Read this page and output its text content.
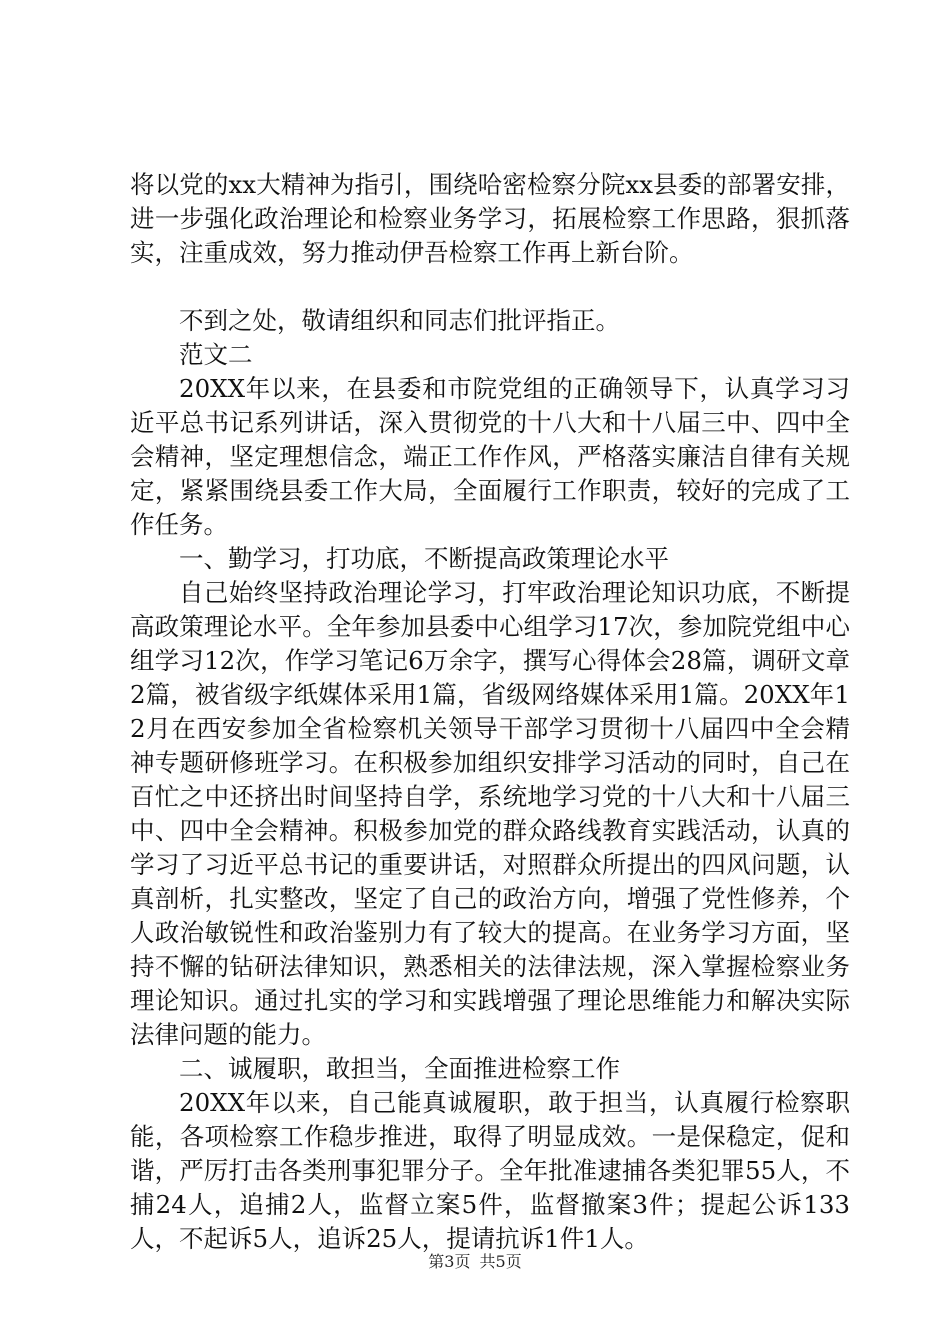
将以党的xx大精神为指引，围绕哈密检察分院xx县委的部署安排，进一步强化政治理论和检察业务学习，拓展检察工作思路，狠抓落实，注重成效，努力推动伊吾检察工作再上新台阶。

不到之处，敬请组织和同志们批评指正。

范文二

20XX年以来，在县委和市院党组的正确领导下，认真学习习近平总书记系列讲话，深入贯彻党的十八大和十八届三中、四中全会精神，坚定理想信念，端正工作作风，严格落实廉洁自律有关规定，紧紧围绕县委工作大局，全面履行工作职责，较好的完成了工作任务。

一、勤学习，打功底，不断提高政策理论水平

自己始终坚持政治理论学习，打牢政治理论知识功底，不断提高政策理论水平。全年参加县委中心组学习17次，参加院党组中心组学习12次，作学习笔记6万余字，撰写心得体会28篇，调研文章2篇，被省级字纸媒体采用1篇，省级网络媒体采用1篇。20XX年12月在西安参加全省检察机关领导干部学习贯彻十八届四中全会精神专题研修班学习。在积极参加组织安排学习活动的同时，自己在百忙之中还挤出时间坚持自学，系统地学习党的十八大和十八届三中、四中全会精神。积极参加党的群众路线教育实践活动，认真的学习了习近平总书记的重要讲话，对照群众所提出的四风问题，认真剖析，扎实整改，坚定了自己的政治方向，增强了党性修养，个人政治敏锐性和政治鉴别力有了较大的提高。在业务学习方面，坚持不懈的钻研法律知识，熟悉相关的法律法规，深入掌握检察业务理论知识。通过扎实的学习和实践增强了理论思维能力和解决实际法律问题的能力。

二、诚履职，敢担当，全面推进检察工作

20XX年以来，自己能真诚履职，敢于担当，认真履行检察职能，各项检察工作稳步推进，取得了明显成效。一是保稳定，促和谐，严厉打击各类刑事犯罪分子。全年批准逮捕各类犯罪55人，不捕24人，追捕2人，监督立案5件，监督撤案3件；提起公诉133人，不起诉5人，追诉25人，提请抗诉1件1人。

第3页 共5页
